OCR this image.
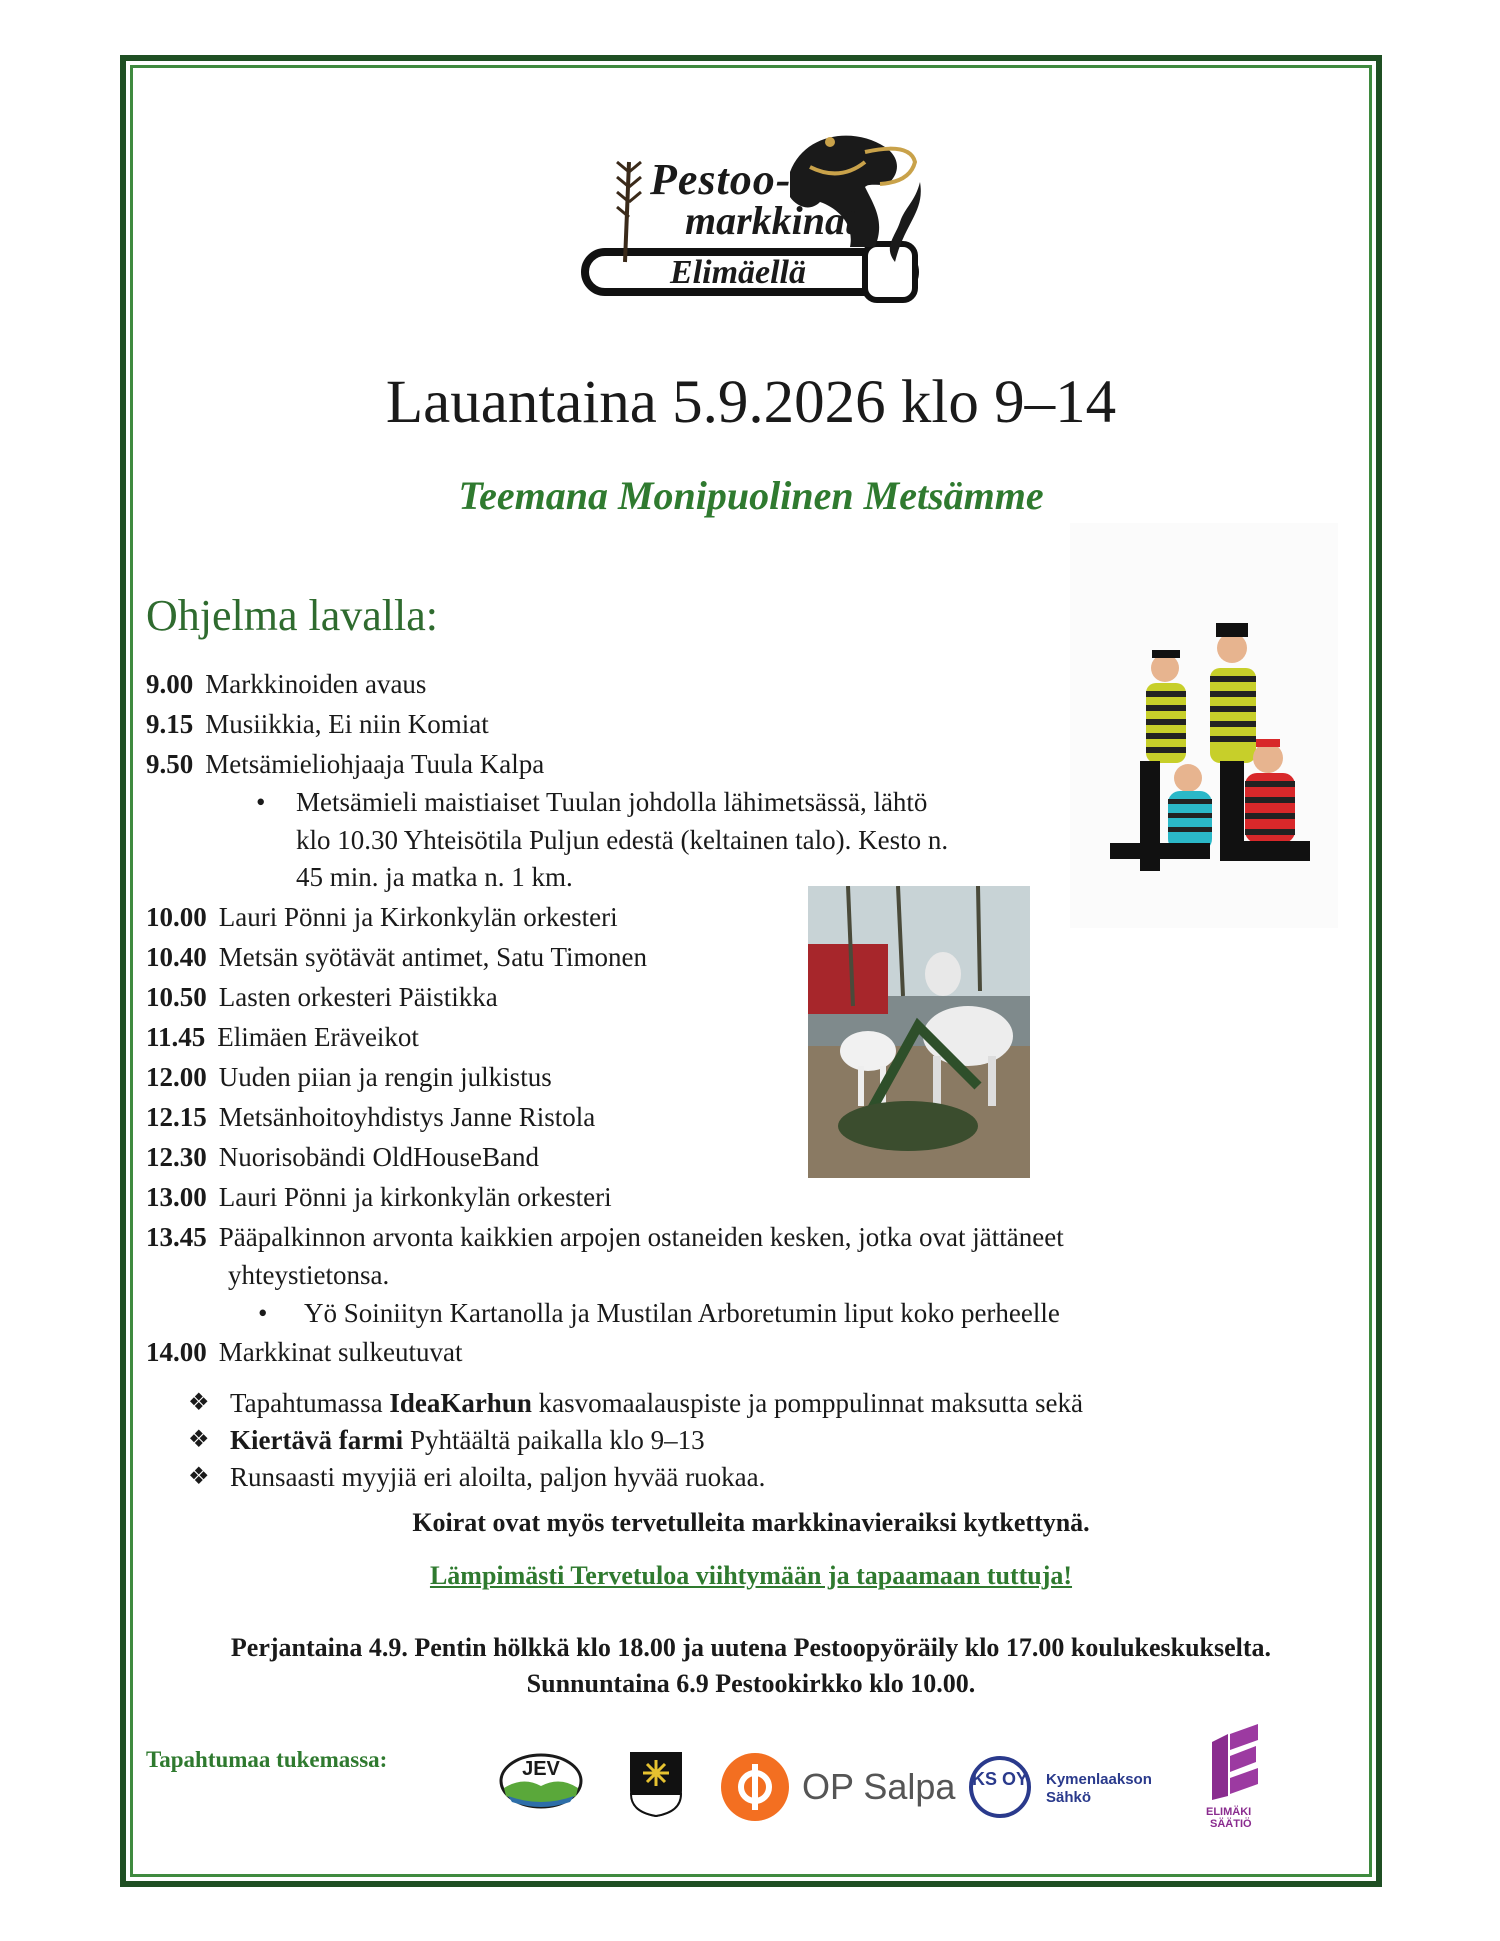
Pestoo-
markkinat
Elimäellä
Lauantaina 5.9.2026 klo 9–14
Teemana Monipuolinen Metsämme
Ohjelma lavalla:
9.00 Markkinoiden avaus
9.15 Musiikkia, Ei niin Komiat
9.50 Metsämieliohjaaja Tuula Kalpa
• Metsämieli maistiaiset Tuulan johdolla lähimetsässä, lähtö
klo 10.30 Yhteisötila Puljun edestä (keltainen talo). Kesto n.
45 min. ja matka n. 1 km.
10.00 Lauri Pönni ja Kirkonkylän orkesteri
10.40 Metsän syötävät antimet, Satu Timonen
10.50 Lasten orkesteri Päistikka
11.45 Elimäen Eräveikot
12.00 Uuden piian ja rengin julkistus
12.15 Metsänhoitoyhdistys Janne Ristola
12.30 Nuorisobändi OldHouseBand
13.00 Lauri Pönni ja kirkonkylän orkesteri
13.45 Pääpalkinnon arvonta kaikkien arpojen ostaneiden kesken, jotka ovat jättäneet
yhteystietonsa.
• Yö Soiniityn Kartanolla ja Mustilan Arboretumin liput koko perheelle
14.00 Markkinat sulkeutuvat
❖ Tapahtumassa IdeaKarhun kasvomaalauspiste ja pomppulinnat maksutta sekä
❖ Kiertävä farmi Pyhtäältä paikalla klo 9–13
❖ Runsaasti myyjiä eri aloilta, paljon hyvää ruokaa.
Koirat ovat myös tervetulleita markkinavieraiksi kytkettynä.
Lämpimästi Tervetuloa viihtymään ja tapaamaan tuttuja!
Perjantaina 4.9. Pentin hölkkä klo 18.00 ja uutena Pestoopyöräily klo 17.00 koulukeskukselta.
Sunnuntaina 6.9 Pestookirkko klo 10.00.
Tapahtumaa tukemassa:	JEV	OP Salpa KS OY Kymenlaakson
Sähkö
ELIMÄKI
SÄÄTIÖ
